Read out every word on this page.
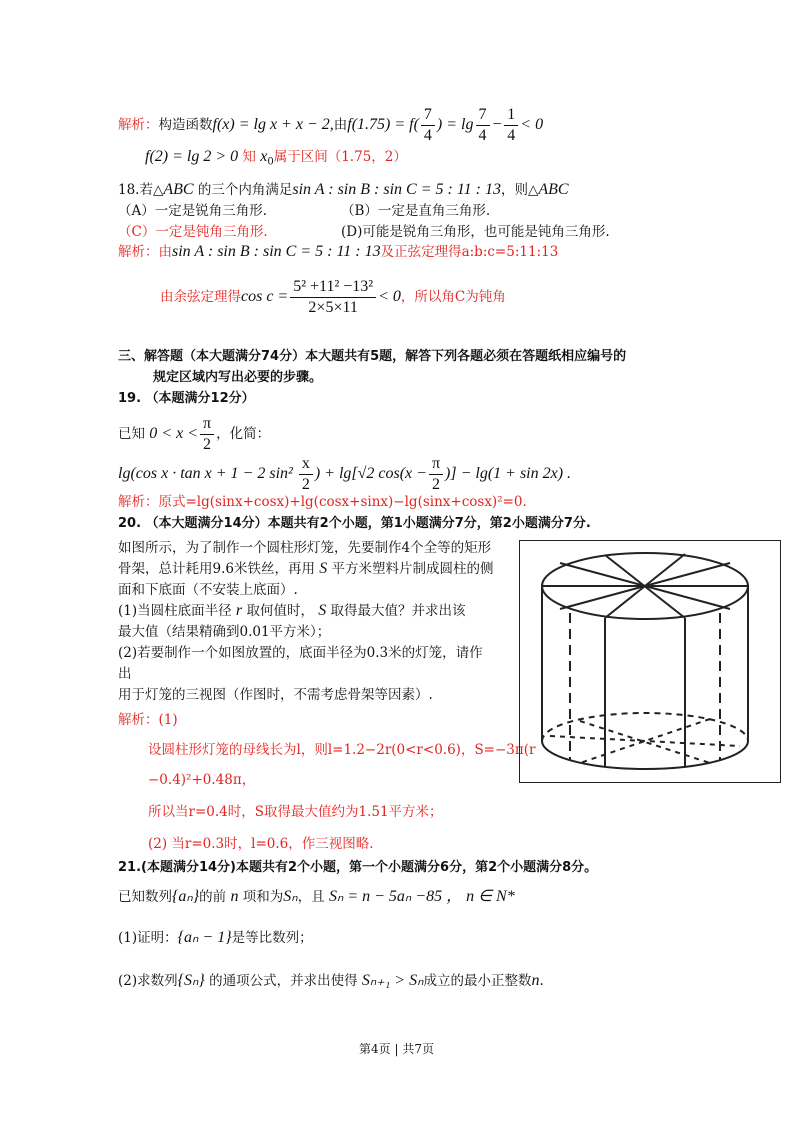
解析：构造函数f(x) = lg x + x − 2,由$f(1.75) = f( \frac{7}{4}$ ) = $\lg \frac{7}{4} - \frac{1}{4} < 0$
f(2) = lg 2 > 0 知 $x_0$属于区间（1.75，2）
18.若△ABC 的三个内角满足sin A : sin B : sin C = 5 : 11 : 13，则△ABC
（A）一定是锐角三角形.	（B）一定是直角三角形.
（C）一定是钝角三角形.	(D)可能是锐角三角形，也可能是钝角三角形.
解析：由sin A : sin B : sin C = 5 : 11 : 13及正弦定理得a:b:c=5:11:13
由余弦定理得$\cos c = \frac{\text{5² +11² −13²}}{2\times 5\times 11} < 0$，所以角C为钝角
三、解答题（本大题满分74分）本大题共有5题，解答下列各题必须在答题纸相应编号的
规定区域内写出必要的步骤。
19. （本题满分12分）
已知 $0 < x < \frac{\pi}{2}$ ，化简：
lg(cos x · tan x + 1 − 2 $\sin^2 \frac{x}{2}$ ) + lg[√2 $\cos(x - \frac{\pi}{2}$ )] − lg(1 + sin 2x) .
解析：原式=lg(sinx+cosx)+lg(cosx+sinx)−lg(sinx+cosx)²=0.
20. （本大题满分14分）本题共有2个小题，第1小题满分7分，第2小题满分7分.
如图所示，为了制作一个圆柱形灯笼，先要制作4个全等的矩形
骨架，总计耗用9.6米铁丝，再用 S 平方米塑料片制成圆柱的侧
面和下底面（不安装上底面）.
(1)当圆柱底面半径 r 取何值时， S 取得最大值？并求出该
最大值（结果精确到0.01平方米）；
(2)若要制作一个如图放置的，底面半径为0.3米的灯笼，请作
出
用于灯笼的三视图（作图时，不需考虑骨架等因素）.
解析：(1)
设圆柱形灯笼的母线长为l，则l=1.2−2r(0<r<0.6)，S=−3π(r
−0.4)²+0.48π，
所以当r=0.4时，S取得最大值约为1.51平方米；
(2) 当r=0.3时，l=0.6，作三视图略.
21.(本题满分14分)本题共有2个小题，第一个小题满分6分，第2个小题满分8分。
已知数列{aₙ}的前 n 项和为Sₙ，且 Sₙ = n − 5aₙ −85 ， n ∈ N*
(1)证明：{aₙ − 1}是等比数列；
(2)求数列{Sₙ} 的通项公式，并求出使得 Sₙ₊₁ > Sₙ成立的最小正整数n.
第4页 | 共7页
